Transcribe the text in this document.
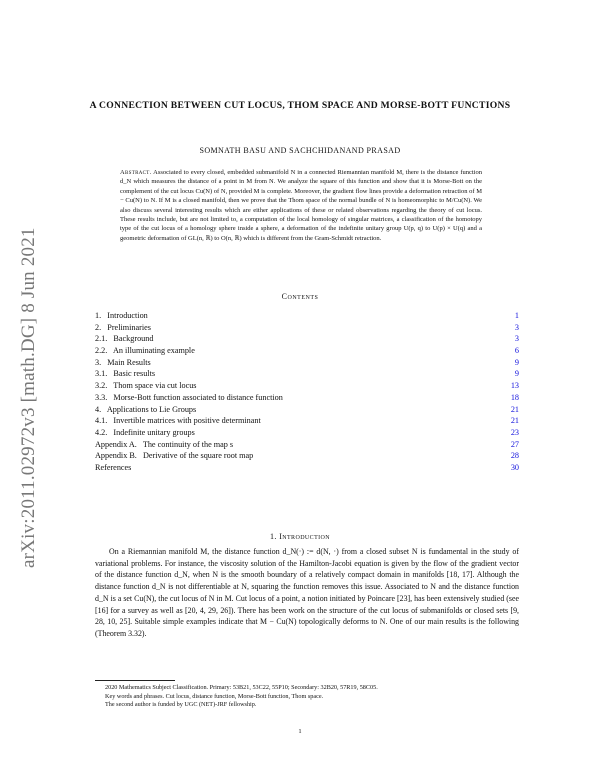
arXiv:2011.02972v3 [math.DG] 8 Jun 2021
A CONNECTION BETWEEN CUT LOCUS, THOM SPACE AND MORSE-BOTT FUNCTIONS
SOMNATH BASU AND SACHCHIDANAND PRASAD
Abstract. Associated to every closed, embedded submanifold N in a connected Riemannian manifold M, there is the distance function d_N which measures the distance of a point in M from N. We analyze the square of this function and show that it is Morse-Bott on the complement of the cut locus Cu(N) of N, provided M is complete. Moreover, the gradient flow lines provide a deformation retraction of M − Cu(N) to N. If M is a closed manifold, then we prove that the Thom space of the normal bundle of N is homeomorphic to M/Cu(N). We also discuss several interesting results which are either applications of these or related observations regarding the theory of cut locus. These results include, but are not limited to, a computation of the local homology of singular matrices, a classification of the homotopy type of the cut locus of a homology sphere inside a sphere, a deformation of the indefinite unitary group U(p, q) to U(p) × U(q) and a geometric deformation of GL(n, ℝ) to O(n, ℝ) which is different from the Gram-Schmidt retraction.
Contents
1.   Introduction	1
2.   Preliminaries	3
2.1.   Background	3
2.2.   An illuminating example	6
3.   Main Results	9
3.1.   Basic results	9
3.2.   Thom space via cut locus	13
3.3.   Morse-Bott function associated to distance function	18
4.   Applications to Lie Groups	21
4.1.   Invertible matrices with positive determinant	21
4.2.   Indefinite unitary groups	23
Appendix A.   The continuity of the map s	27
Appendix B.   Derivative of the square root map	28
References	30
1. Introduction
On a Riemannian manifold M, the distance function d_N(·) := d(N, ·) from a closed subset N is fundamental in the study of variational problems. For instance, the viscosity solution of the Hamilton-Jacobi equation is given by the flow of the gradient vector of the distance function d_N, when N is the smooth boundary of a relatively compact domain in manifolds [18, 17]. Although the distance function d_N is not differentiable at N, squaring the function removes this issue. Associated to N and the distance function d_N is a set Cu(N), the cut locus of N in M. Cut locus of a point, a notion initiated by Poincare [23], has been extensively studied (see [16] for a survey as well as [20, 4, 29, 26]). There has been work on the structure of the cut locus of submanifolds or closed sets [9, 28, 10, 25]. Suitable simple examples indicate that M − Cu(N) topologically deforms to N. One of our main results is the following (Theorem 3.32).
2020 Mathematics Subject Classification. Primary: 53B21, 53C22, 55P10; Secondary: 32B20, 57R19, 58C05.
Key words and phrases. Cut locus, distance function, Morse-Bott function, Thom space.
The second author is funded by UGC (NET)-JRF fellowship.
1
